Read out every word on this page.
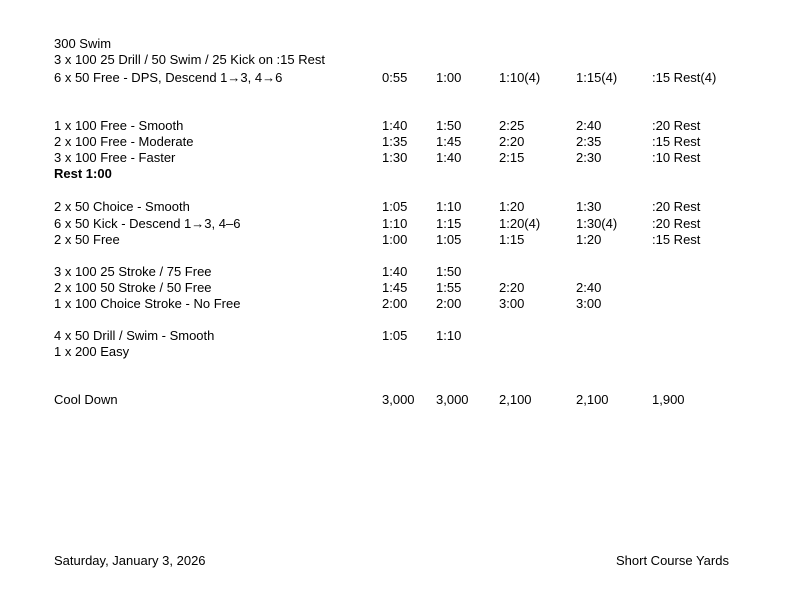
300 Swim
3 x 100 25 Drill / 50 Swim / 25 Kick on :15 Rest
6 x 50 Free - DPS, Descend 1→3, 4→6	0:55 1:00	1:10(4)	1:15(4)	:15 Rest(4)
1 x 100 Free - Smooth	1:40 1:50	2:25	2:40	:20 Rest
2 x 100 Free - Moderate	1:35 1:45	2:20	2:35	:15 Rest
3 x 100 Free - Faster	1:30 1:40	2:15	2:30	:10 Rest
Rest 1:00
2 x 50 Choice - Smooth	1:05 1:10	1:20	1:30	:20 Rest
6 x 50 Kick - Descend 1→3, 4–6	1:10 1:15	1:20(4)	1:30(4)	:20 Rest
2 x 50 Free	1:00 1:05	1:15	1:20	:15 Rest
3 x 100 25 Stroke / 75 Free	1:40 1:50
2 x 100 50 Stroke / 50 Free	1:45 1:55	2:20	2:40
1 x 100 Choice Stroke - No Free	2:00 2:00	3:00	3:00
4 x 50 Drill / Swim - Smooth	1:05 1:10
1 x 200 Easy
Cool Down	3,000 3,000 2,100	2,100	1,900
Saturday, January 3, 2026	Short Course Yards
